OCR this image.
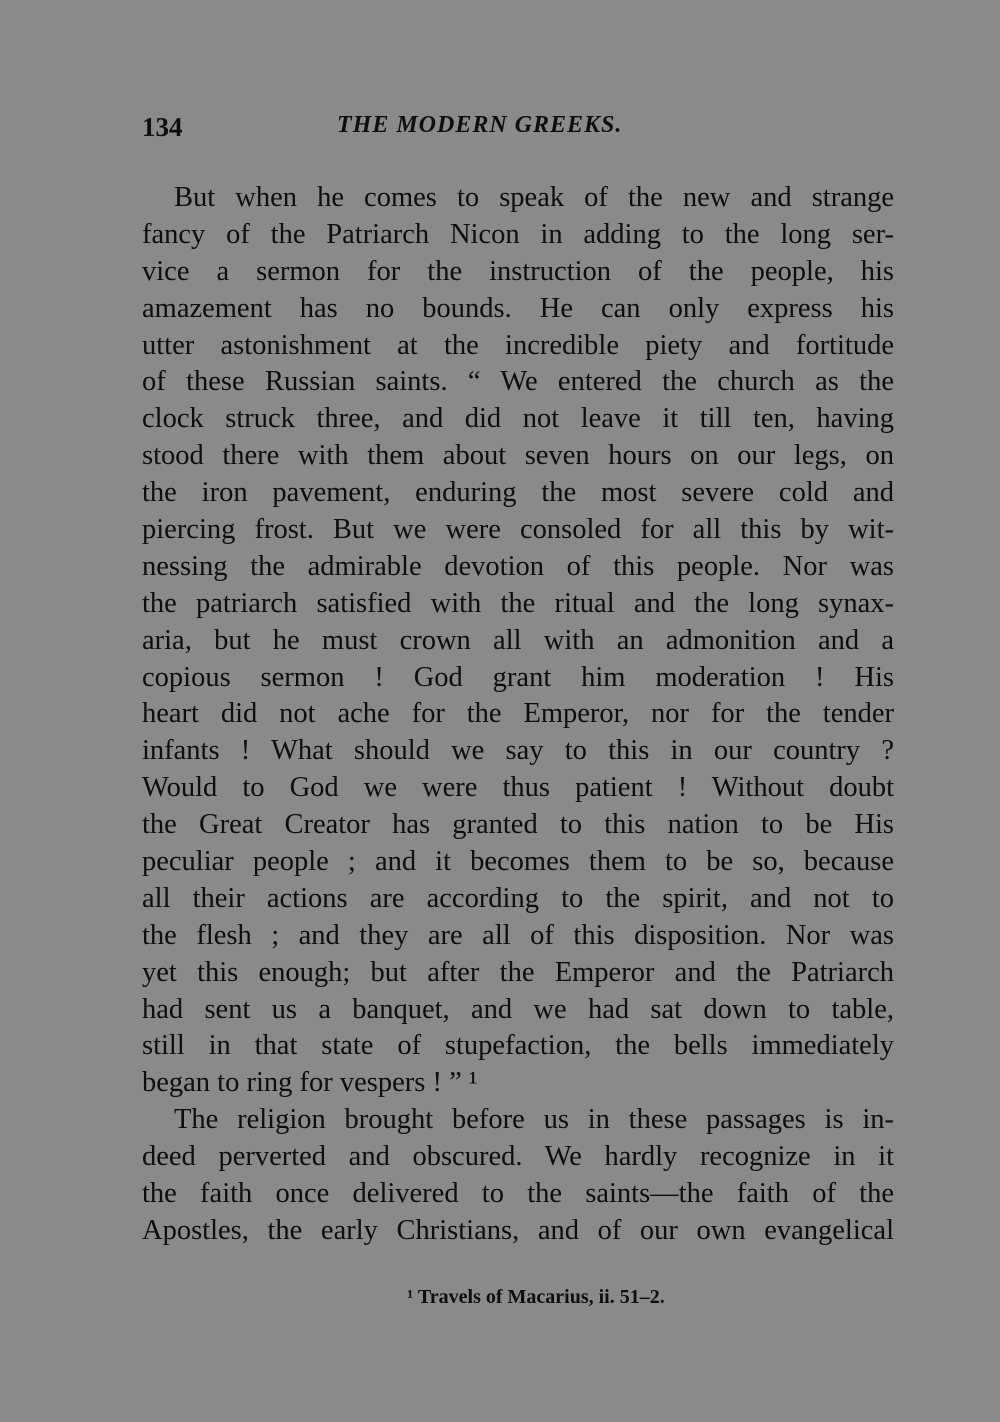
134	THE MODERN GREEKS.
But when he comes to speak of the new and strange
fancy of the Patriarch Nicon in adding to the long ser-
vice a sermon for the instruction of the people, his
amazement has no bounds. He can only express his
utter astonishment at the incredible piety and fortitude
of these Russian saints. “ We entered the church as the
clock struck three, and did not leave it till ten, having
stood there with them about seven hours on our legs, on
the iron pavement, enduring the most severe cold and
piercing frost. But we were consoled for all this by wit-
nessing the admirable devotion of this people. Nor was
the patriarch satisfied with the ritual and the long synax-
aria, but he must crown all with an admonition and a
copious sermon ! God grant him moderation ! His
heart did not ache for the Emperor, nor for the tender
infants ! What should we say to this in our country ?
Would to God we were thus patient ! Without doubt
the Great Creator has granted to this nation to be His
peculiar people ; and it becomes them to be so, because
all their actions are according to the spirit, and not to
the flesh ; and they are all of this disposition. Nor was
yet this enough; but after the Emperor and the Patriarch
had sent us a banquet, and we had sat down to table,
still in that state of stupefaction, the bells immediately
began to ring for vespers ! ” ¹
The religion brought before us in these passages is in-
deed perverted and obscured. We hardly recognize in it
the faith once delivered to the saints—the faith of the
Apostles, the early Christians, and of our own evangelical
¹ Travels of Macarius, ii. 51–2.
